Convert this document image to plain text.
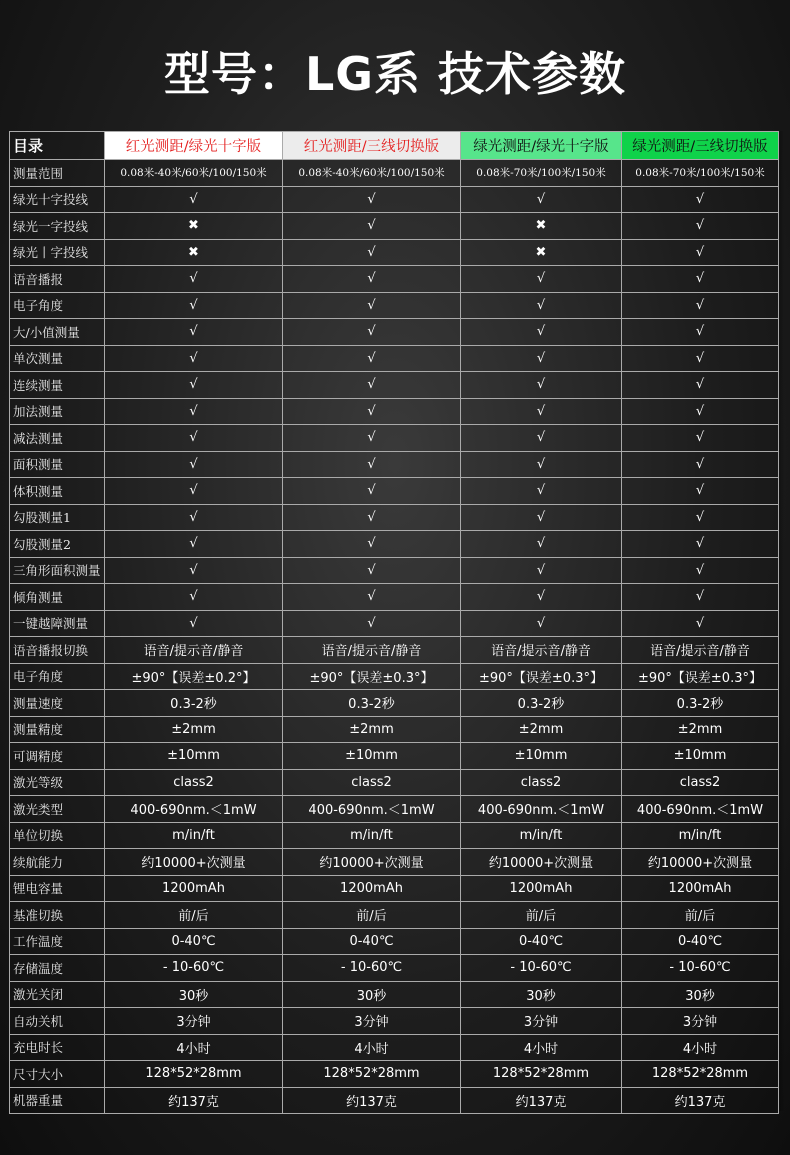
型号：LG系 技术参数
目录	红光测距/绿光十字版	红光测距/三线切换版	绿光测距/绿光十字版	绿光测距/三线切换版
测量范围	0.08米-40米/60米/100/150米	0.08米-40米/60米/100/150米	0.08米-70米/100米/150米	0.08米-70米/100米/150米
绿光十字投线	√	√	√	√
绿光一字投线	✖	√	✖	√
绿光丨字投线	✖	√	✖	√
语音播报	√	√	√	√
电子角度	√	√	√	√
大/小值测量	√	√	√	√
单次测量	√	√	√	√
连续测量	√	√	√	√
加法测量	√	√	√	√
减法测量	√	√	√	√
面积测量	√	√	√	√
体积测量	√	√	√	√
勾股测量1	√	√	√	√
勾股测量2	√	√	√	√
三角形面积测量	√	√	√	√
倾角测量	√	√	√	√
一键越障测量	√	√	√	√
语音播报切换	语音/提示音/静音	语音/提示音/静音	语音/提示音/静音	语音/提示音/静音
电子角度	±90°【误差±0.2°】	±90°【误差±0.3°】	±90°【误差±0.3°】	±90°【误差±0.3°】
测量速度	0.3-2秒	0.3-2秒	0.3-2秒	0.3-2秒
测量精度	±2mm	±2mm	±2mm	±2mm
可调精度	±10mm	±10mm	±10mm	±10mm
激光等级	class2	class2	class2	class2
激光类型	400-690nm.＜1mW	400-690nm.＜1mW	400-690nm.＜1mW	400-690nm.＜1mW
单位切换	m/in/ft	m/in/ft	m/in/ft	m/in/ft
续航能力	约10000+次测量	约10000+次测量	约10000+次测量	约10000+次测量
锂电容量	1200mAh	1200mAh	1200mAh	1200mAh
基准切换	前/后	前/后	前/后	前/后
工作温度	0-40℃	0-40℃	0-40℃	0-40℃
存储温度	- 10-60℃	- 10-60℃	- 10-60℃	- 10-60℃
激光关闭	30秒	30秒	30秒	30秒
自动关机	3分钟	3分钟	3分钟	3分钟
充电时长	4小时	4小时	4小时	4小时
尺寸大小	128*52*28mm	128*52*28mm	128*52*28mm	128*52*28mm
机器重量	约137克	约137克	约137克	约137克
